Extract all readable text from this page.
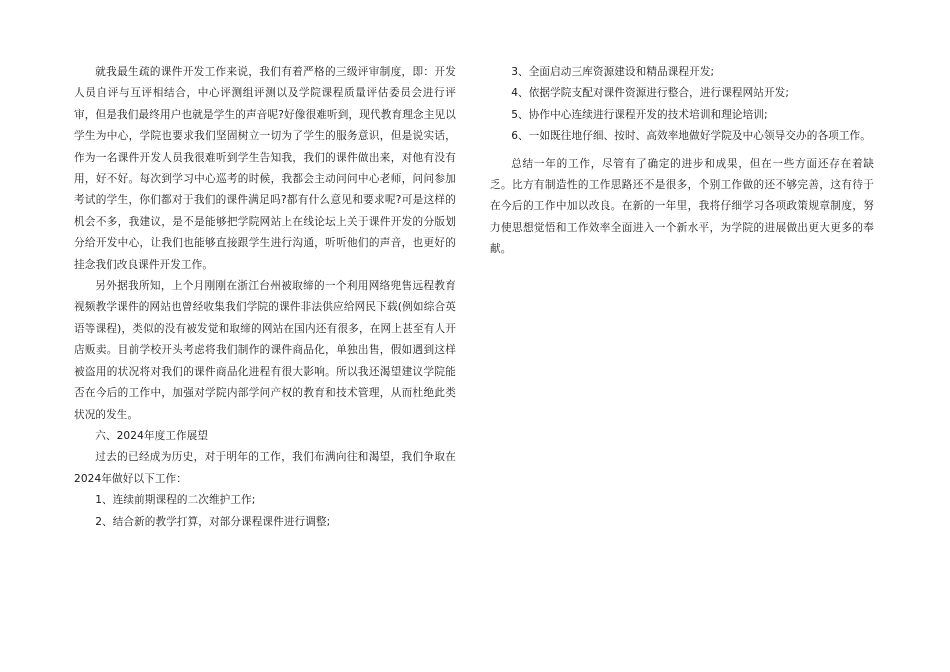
就我最生疏的课件开发工作来说，我们有着严格的三级评审制度，即：开发人员自评与互评相结合，中心评测组评测以及学院课程质量评估委员会进行评审，但是我们最终用户也就是学生的声音呢?好像很难听到，现代教育理念主见以学生为中心，学院也要求我们坚固树立一切为了学生的服务意识，但是说实话，作为一名课件开发人员我很难听到学生告知我，我们的课件做出来，对他有没有用，好不好。每次到学习中心巡考的时候，我都会主动问问中心老师，问问参加考试的学生，你们都对于我们的课件满足吗?都有什么意见和要求呢?可是这样的机会不多，我建议，是不是能够把学院网站上在线论坛上关于课件开发的分版划分给开发中心，让我们也能够直接跟学生进行沟通，听听他们的声音，也更好的挂念我们改良课件开发工作。

另外据我所知，上个月刚刚在浙江台州被取缔的一个利用网络兜售远程教育视频教学课件的网站也曾经收集我们学院的课件非法供应给网民下载(例如综合英语等课程)，类似的没有被发觉和取缔的网站在国内还有很多，在网上甚至有人开店贩卖。目前学校开头考虑将我们制作的课件商品化，单独出售，假如遇到这样被盗用的状况将对我们的课件商品化进程有很大影响。所以我还渴望建议学院能否在今后的工作中，加强对学院内部学问产权的教育和技术管理，从而杜绝此类状况的发生。

六、2024年度工作展望

过去的已经成为历史，对于明年的工作，我们布满向往和渴望，我们争取在2024年做好以下工作：

1、连续前期课程的二次维护工作;

2、结合新的教学打算，对部分课程课件进行调整;

3、全面启动三库资源建设和精品课程开发;

4、依据学院支配对课件资源进行整合，进行课程网站开发;

5、协作中心连续进行课程开发的技术培训和理论培训;

6、一如既往地仔细、按时、高效率地做好学院及中心领导交办的各项工作。

总结一年的工作，尽管有了确定的进步和成果，但在一些方面还存在着缺乏。比方有制造性的工作思路还不是很多，个别工作做的还不够完善，这有待于在今后的工作中加以改良。在新的一年里，我将仔细学习各项政策规章制度，努力使思想觉悟和工作效率全面进入一个新水平，为学院的进展做出更大更多的奉献。
